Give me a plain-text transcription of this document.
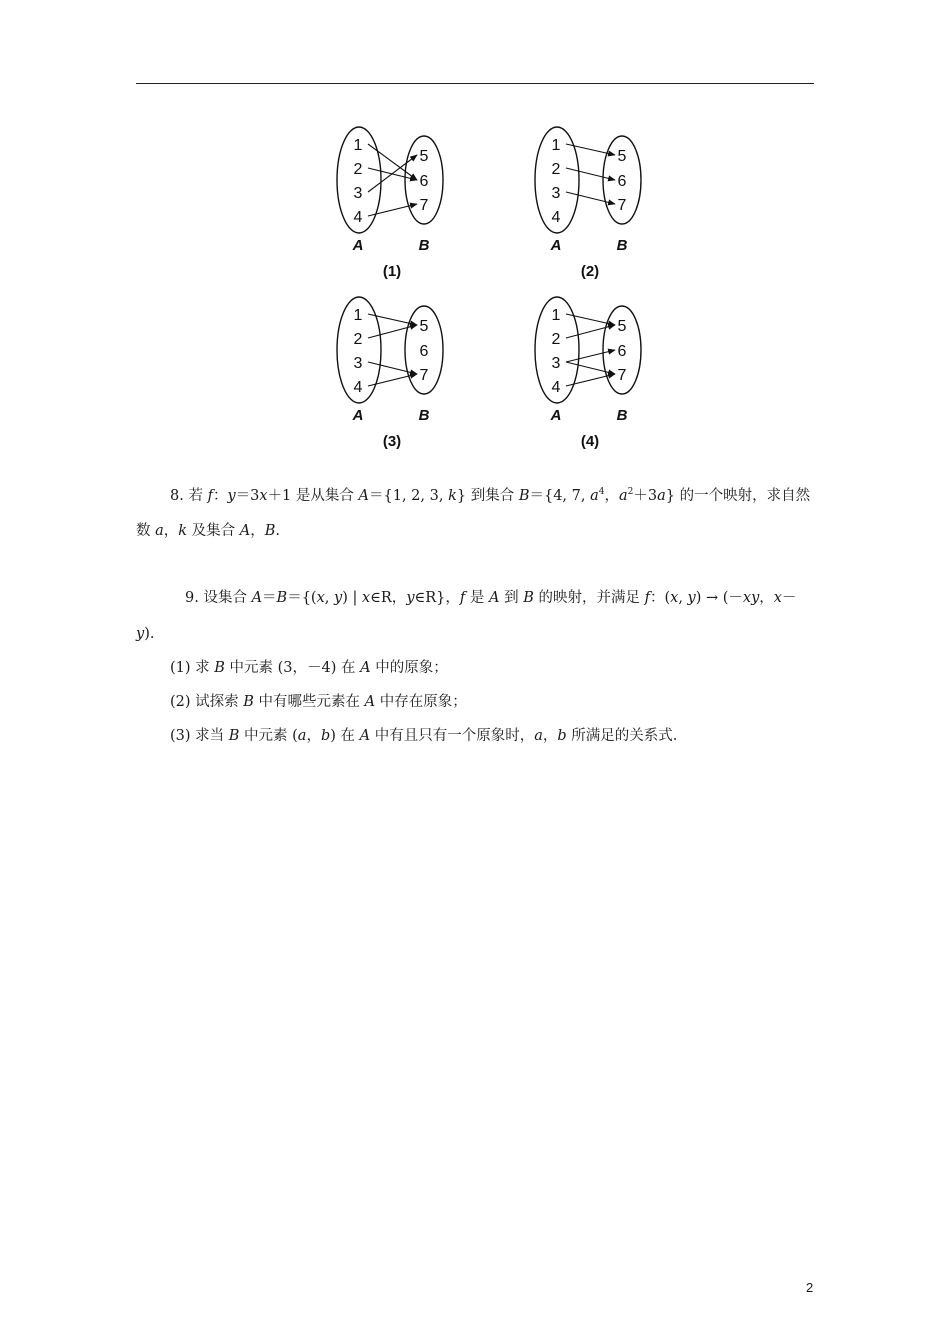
1
2
3
4
5
6
7
A	B
(1)
1
2
3
4
5
6
7
A	B
(2)
1
2
3
4
5
6
7
A	B
(3)
1
2
3
4
5
6
7
A	B
(4)
8. 若 f：y＝3x＋1 是从集合 A＝{1, 2, 3, k} 到集合 B＝{4, 7, $a^4$，$a^2+3a$} 的一个映射，求自然
数 a，k 及集合 A，B.
9. 设集合 A＝B＝{(x, y) | x∈R，y∈R}，f 是 A 到 B 的映射，并满足 f：(x, y) → (－xy，x－
y).
(1) 求 B 中元素 (3，－4) 在 A 中的原象；
(2) 试探索 B 中有哪些元素在 A 中存在原象；
(3) 求当 B 中元素 (a，b) 在 A 中有且只有一个原象时，a，b 所满足的关系式.
2
